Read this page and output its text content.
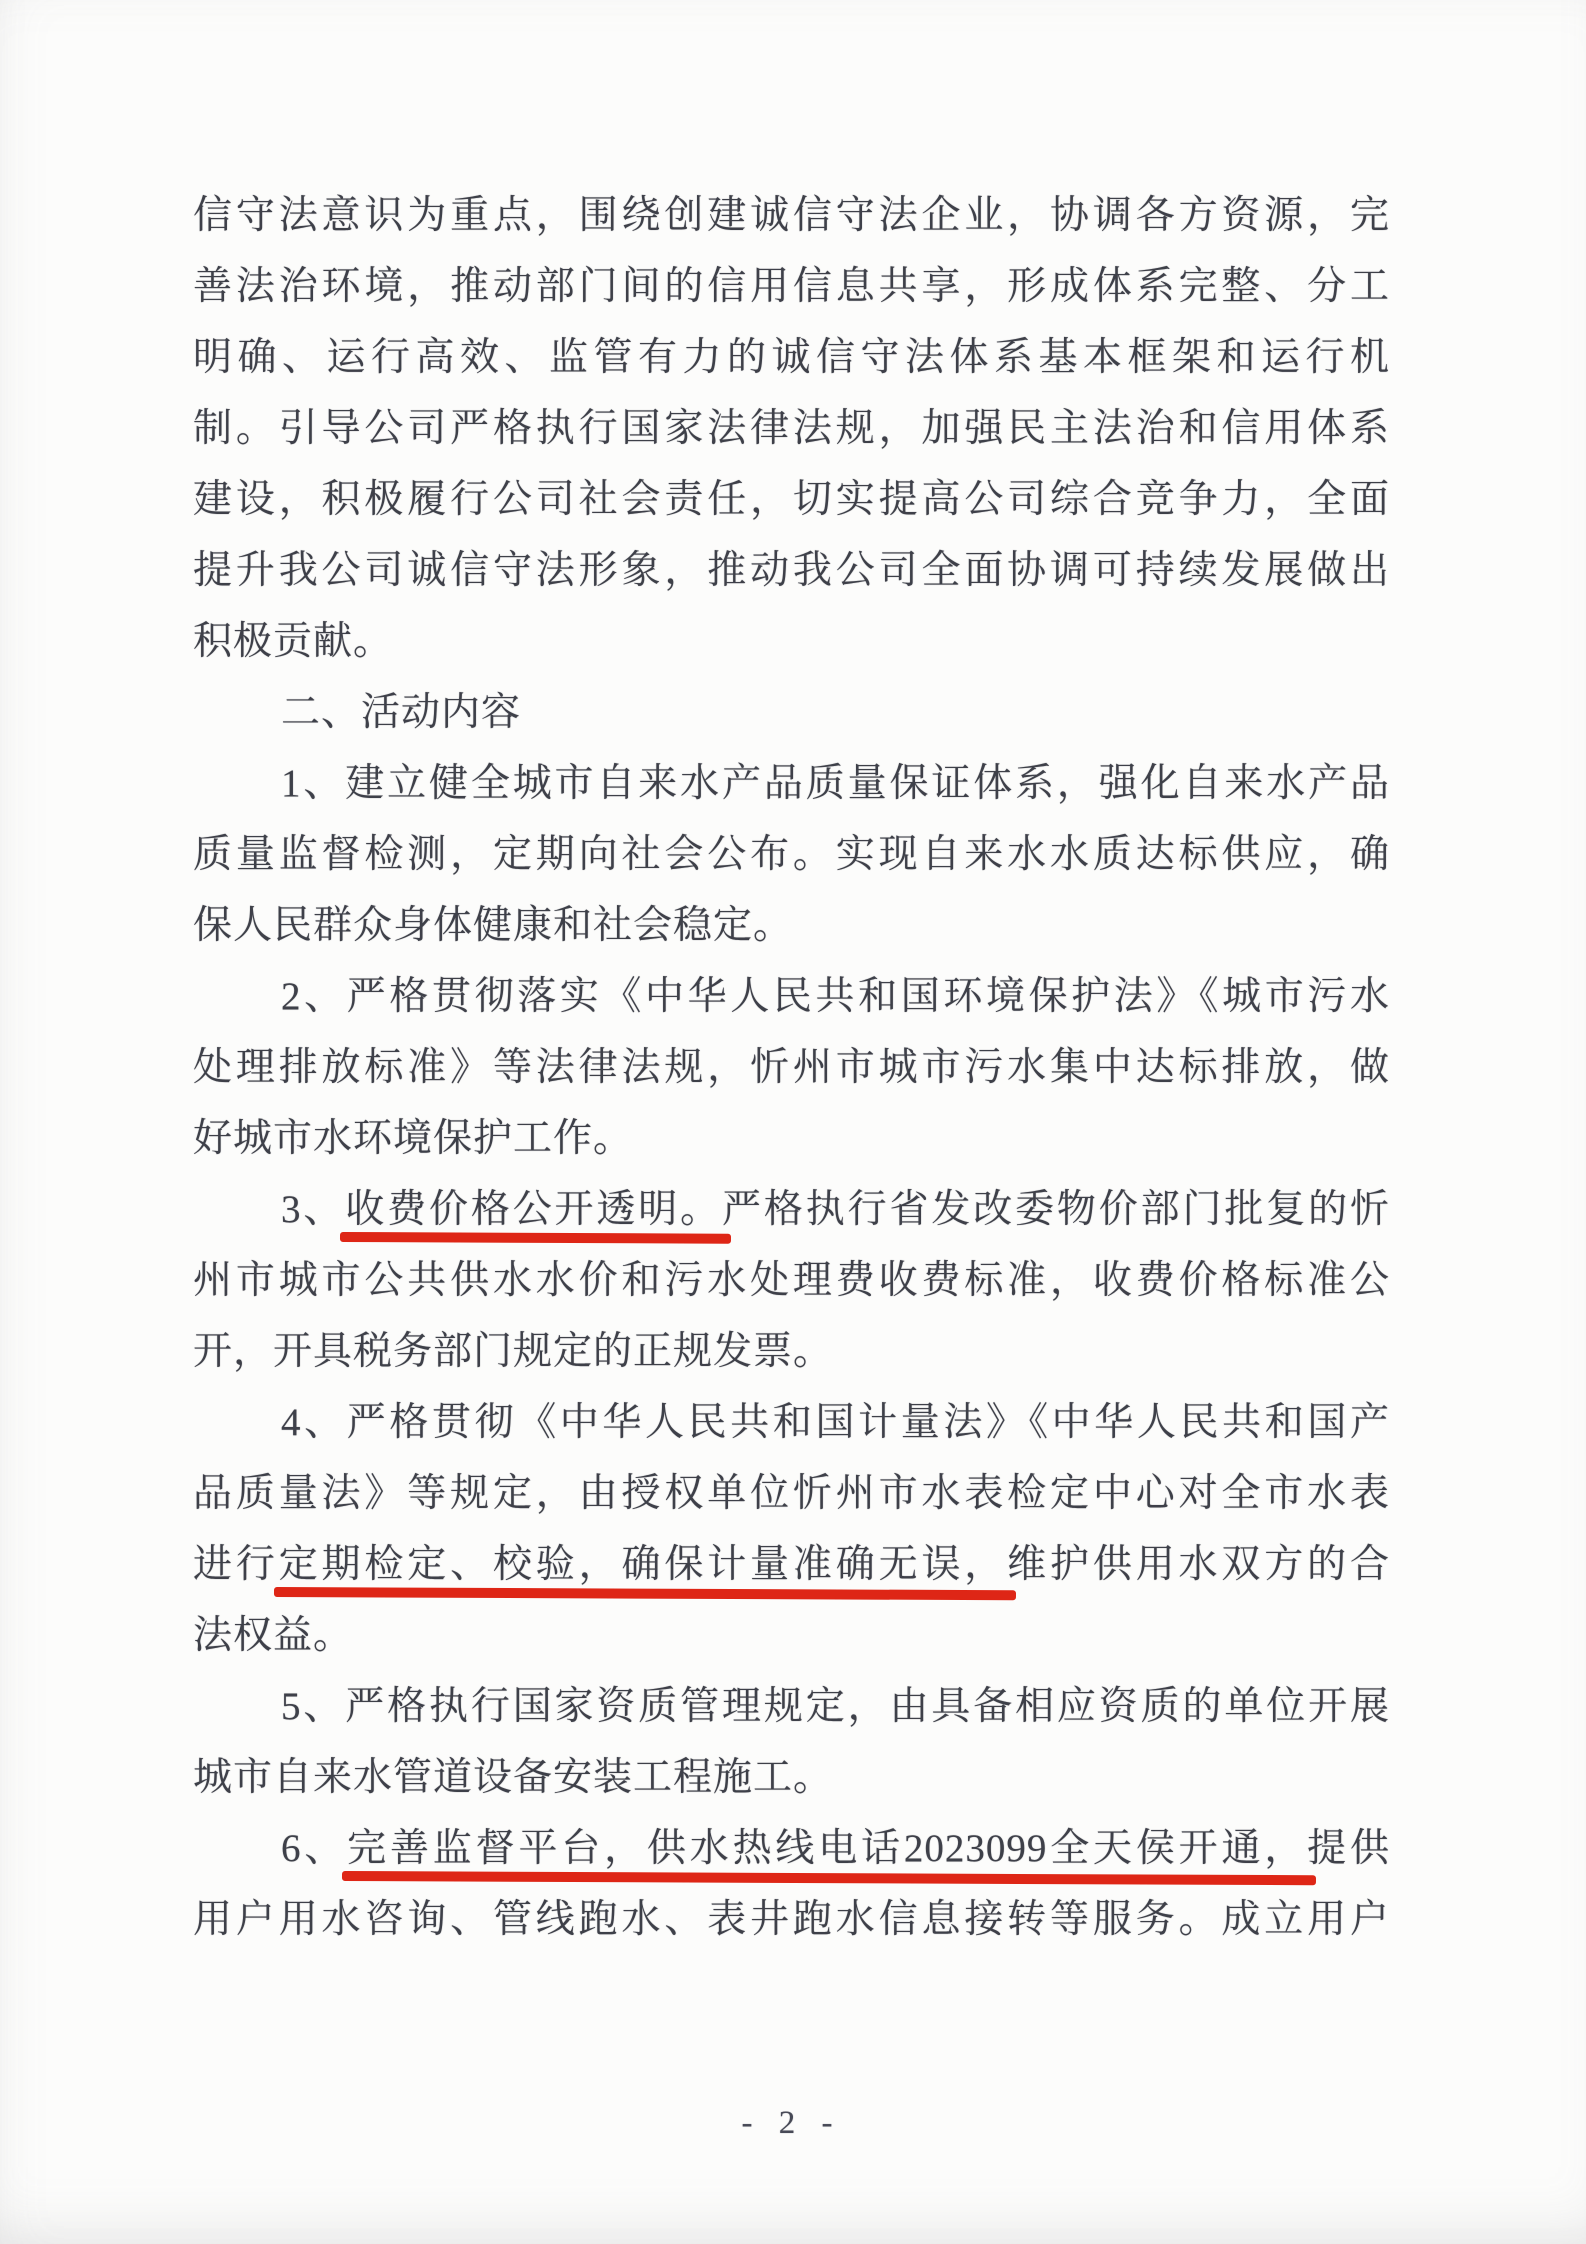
信守法意识为重点，围绕创建诚信守法企业，协调各方资源，完
善法治环境，推动部门间的信用信息共享，形成体系完整、分工
明确、运行高效、监管有力的诚信守法体系基本框架和运行机
制。引导公司严格执行国家法律法规，加强民主法治和信用体系
建设，积极履行公司社会责任，切实提高公司综合竞争力，全面
提升我公司诚信守法形象，推动我公司全面协调可持续发展做出
积极贡献。
二、活动内容
1、建立健全城市自来水产品质量保证体系，强化自来水产品
质量监督检测，定期向社会公布。实现自来水水质达标供应，确
保人民群众身体健康和社会稳定。
2、严格贯彻落实《中华人民共和国环境保护法》《城市污水
处理排放标准》等法律法规，忻州市城市污水集中达标排放，做
好城市水环境保护工作。
3、收费价格公开透明。严格执行省发改委物价部门批复的忻
州市城市公共供水水价和污水处理费收费标准，收费价格标准公
开，开具税务部门规定的正规发票。
4、严格贯彻《中华人民共和国计量法》《中华人民共和国产
品质量法》等规定，由授权单位忻州市水表检定中心对全市水表
进行定期检定、校验，确保计量准确无误，维护供用水双方的合
法权益。
5、严格执行国家资质管理规定，由具备相应资质的单位开展
城市自来水管道设备安装工程施工。
6、完善监督平台，供水热线电话2023099全天侯开通，提供
用户用水咨询、管线跑水、表井跑水信息接转等服务。成立用户
- 2 -
